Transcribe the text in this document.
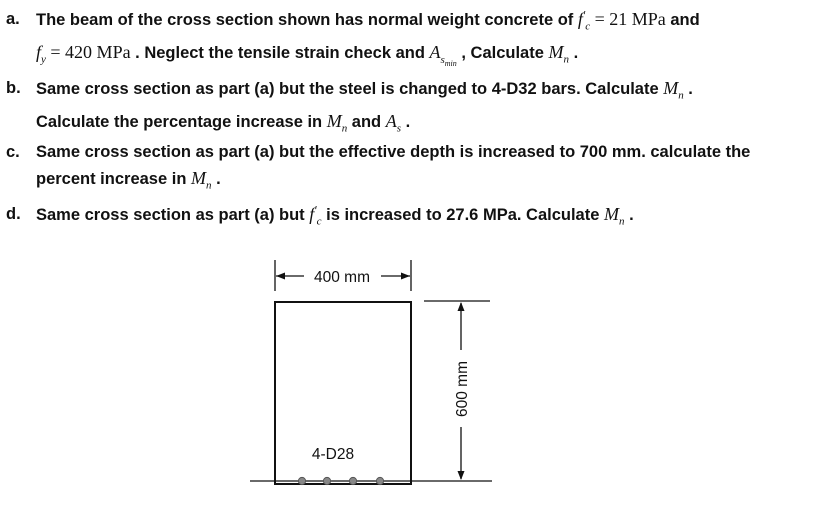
a. The beam of the cross section shown has normal weight concrete of $f'_c = 21$ MPa and
$f_y = 420$ MPa . Neglect the tensile strain check and $A_{s_{min}}$ , Calculate $M_n$ .
b. Same cross section as part (a) but the steel is changed to 4-D32 bars. Calculate $M_n$ .
Calculate the percentage increase in $M_n$ and $A_s$ .
c. Same cross section as part (a) but the effective depth is increased to 700 mm. calculate the
percent increase in $M_n$ .
d. Same cross section as part (a) but $f'_c$ is increased to 27.6 MPa. Calculate $M_n$ .
400 mm
600 mm
4-D28
